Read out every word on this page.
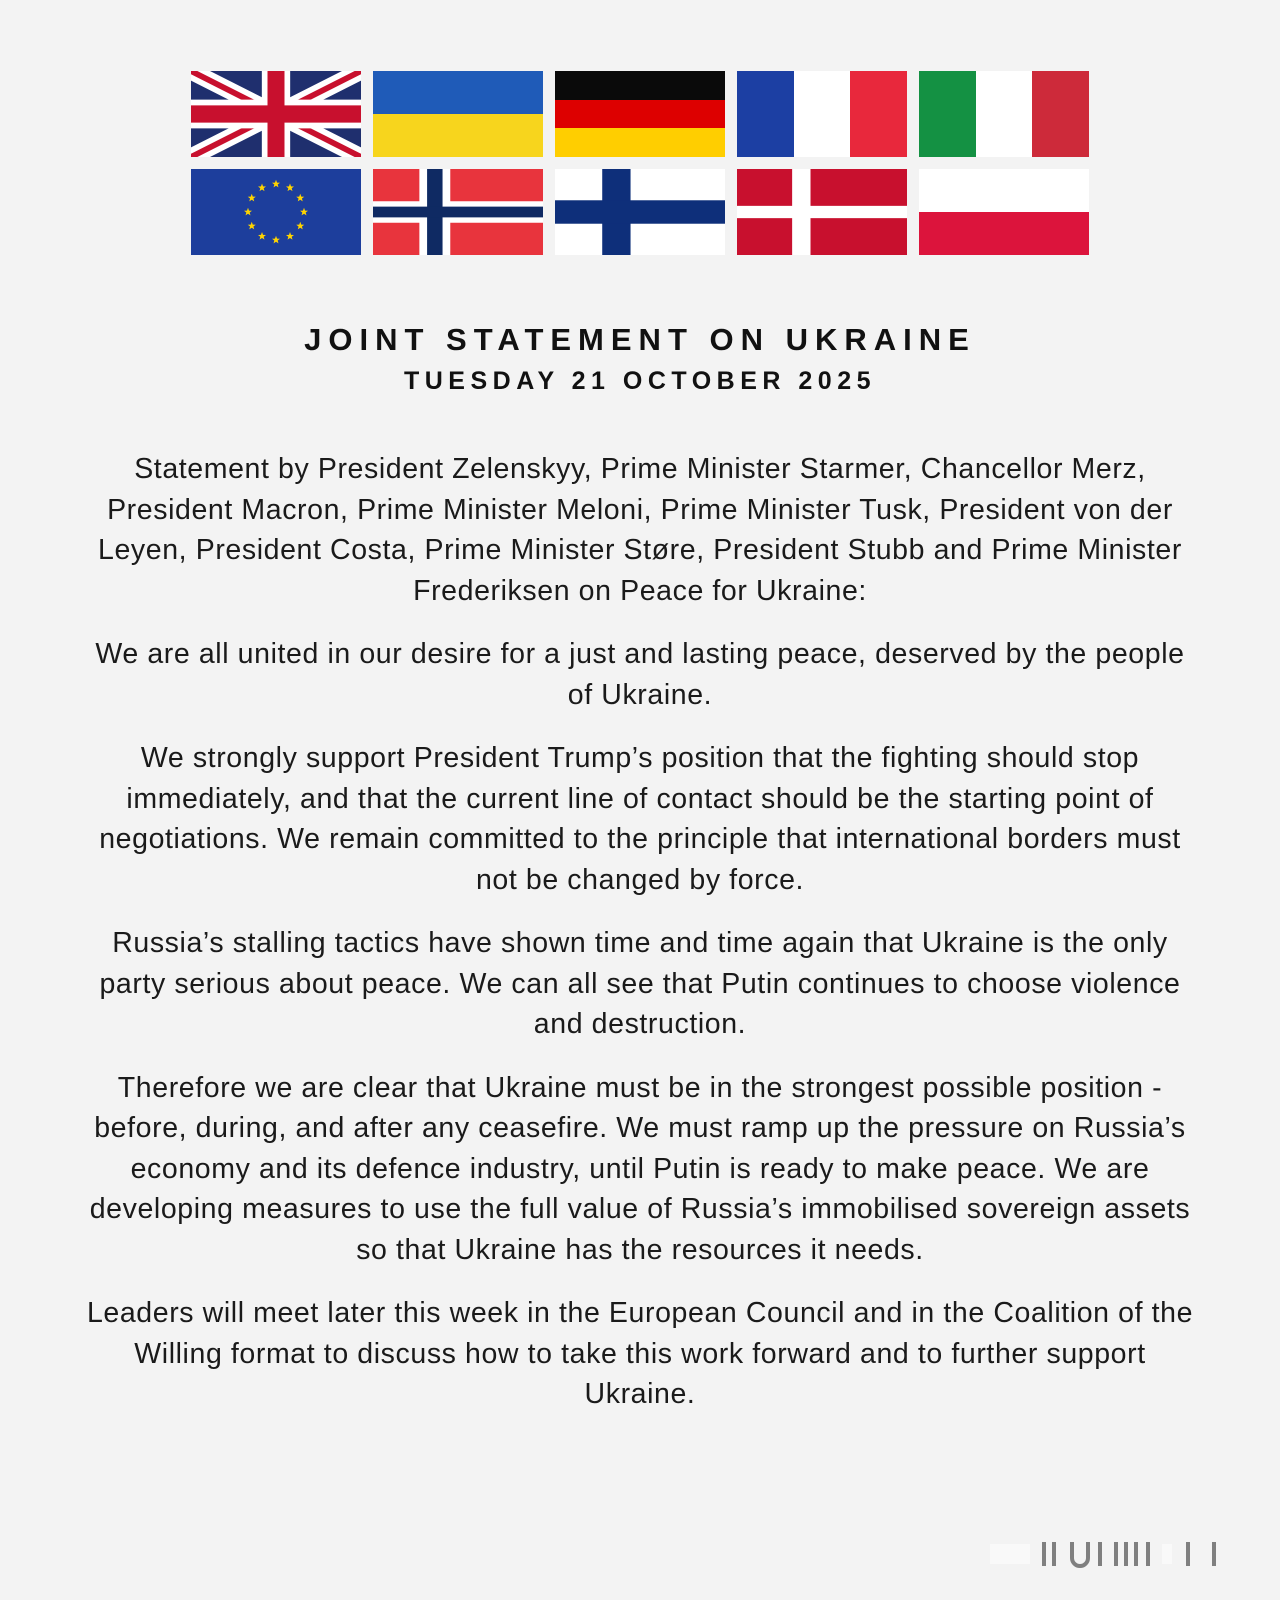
JOINT STATEMENT ON UKRAINE
TUESDAY 21 OCTOBER 2025

Statement by President Zelenskyy, Prime Minister Starmer, Chancellor Merz, President Macron, Prime Minister Meloni, Prime Minister Tusk, President von der Leyen, President Costa, Prime Minister Støre, President Stubb and Prime Minister Frederiksen on Peace for Ukraine:

We are all united in our desire for a just and lasting peace, deserved by the people of Ukraine.

We strongly support President Trump’s position that the fighting should stop immediately, and that the current line of contact should be the starting point of negotiations. We remain committed to the principle that international borders must not be changed by force.

Russia’s stalling tactics have shown time and time again that Ukraine is the only party serious about peace. We can all see that Putin continues to choose violence and destruction.

Therefore we are clear that Ukraine must be in the strongest possible position - before, during, and after any ceasefire. We must ramp up the pressure on Russia’s economy and its defence industry, until Putin is ready to make peace. We are developing measures to use the full value of Russia’s immobilised sovereign assets so that Ukraine has the resources it needs.

Leaders will meet later this week in the European Council and in the Coalition of the Willing format to discuss how to take this work forward and to further support Ukraine.
